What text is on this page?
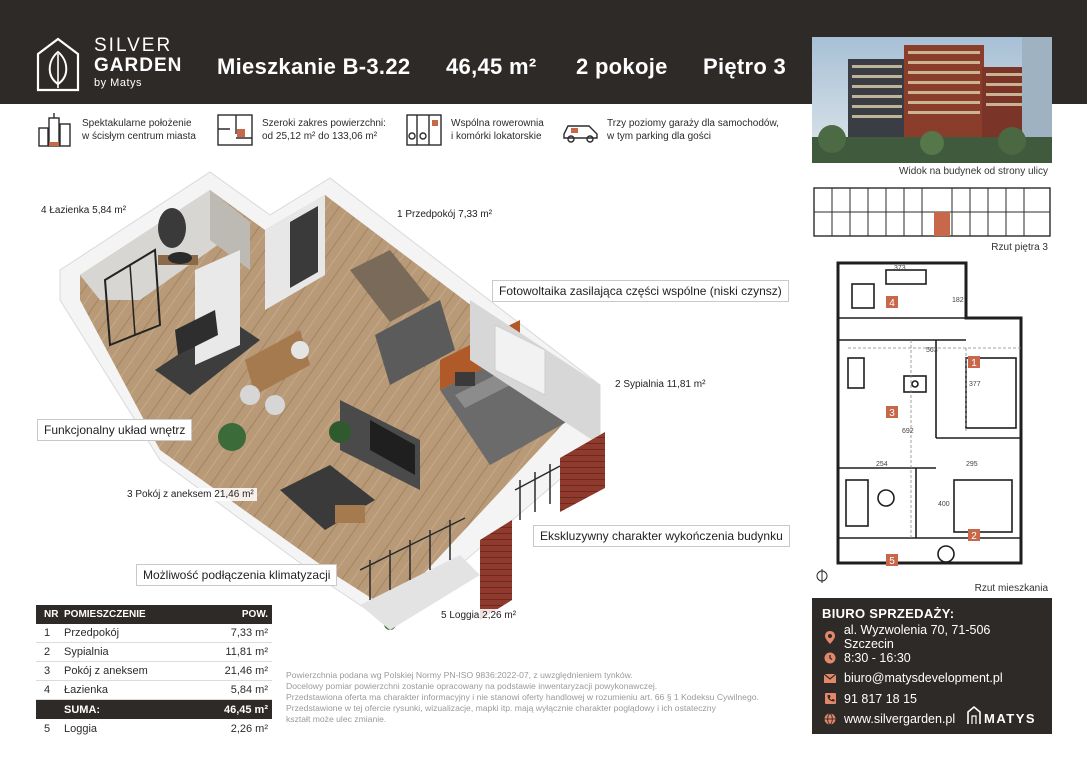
SILVER
GARDEN
by Matys
Mieszkanie B-3.22 46,45 m² 2 pokoje Piętro 3
Widok na budynek od strony ulicy
Spektakularne położenie
w ścisłym centrum miasta
Szeroki zakres powierzchni:
od 25,12 m² do 133,06 m²
Wspólna rowerownia
i komórki lokatorskie
Trzy poziomy garaży dla samochodów,
w tym parking dla gości
4 Łazienka 5,84 m²	1 Przedpokój 7,33 m²
2 Sypialnia 11,81 m²
3 Pokój z aneksem 21,46 m²
5 Loggia 2,26 m²
Fotowoltaika zasilająca części wspólne (niski czynsz)
Funkcjonalny układ wnętrz
Ekskluzywny charakter wykończenia budynku
Możliwość podłączenia klimatyzacji
NR POMIESZCZENIE	POW.
1	Przedpokój	7,33 m²
2	Sypialnia	11,81 m²
3	Pokój z aneksem	21,46 m²
4	Łazienka	5,84 m²
SUMA:	46,45 m²
5	Loggia	2,26 m²
Powierzchnia podana wg Polskiej Normy PN-ISO 9836:2022-07, z uwzględnieniem tynków.
Docelowy pomiar powierzchni zostanie opracowany na podstawie inwentaryzacji powykonawczej.
Przedstawiona oferta ma charakter informacyjny i nie stanowi oferty handlowej w rozumieniu art. 66 § 1 Kodeksu Cywilnego.
Przedstawione w tej ofercie rysunki, wizualizacje, mapki itp. mają wyłącznie charakter poglądowy i ich ostateczny
kształt może ulec zmianie.
Rzut piętra 3
1
2
3
4
5
373
182
563
377
692
254	295
400
Rzut mieszkania
BIURO SPRZEDAŻY:
al. Wyzwolenia 70, 71-506 Szczecin
8:30 - 16:30
biuro@matysdevelopment.pl
91 817 18 15
www.silvergarden.pl MATYS
